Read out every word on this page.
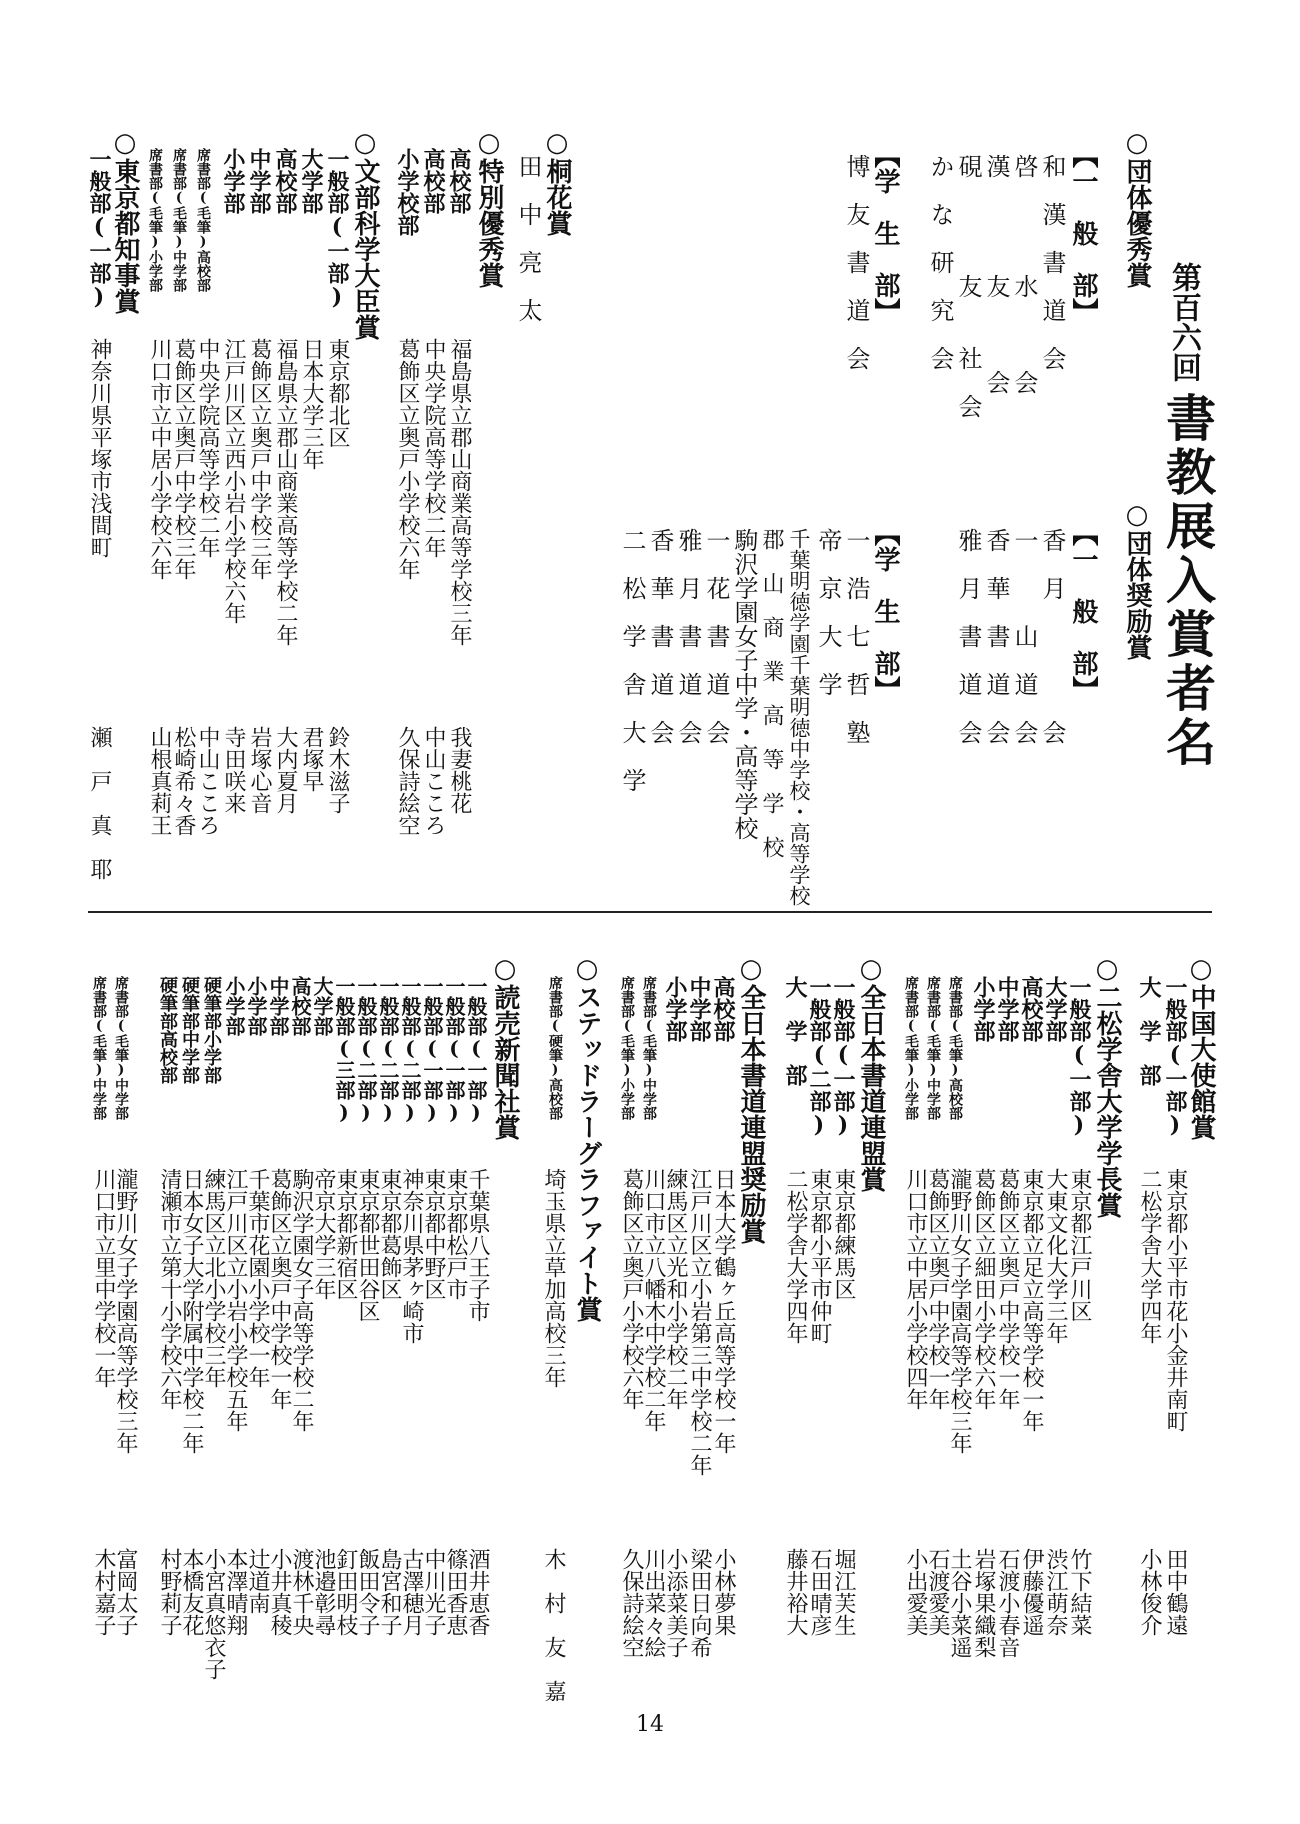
第百六回
書教展入賞者名
○団体優秀賞
【一　般　部】
和　漢　書　道　会
啓　　　　水　　　会
漢　　　　友　　　会
硯　　　　友　　社　会
か　な　研　究　会
【学　生　部】
博　友　書　道　会
○団体奨励賞
【一　般　部】
香　月　　　　　会
一　　　山　道　会
香　華　書　道　会
雅　月　書　道　会
【学　生　部】
一　浩　七　哲　塾
帝　京　大　学
千葉明徳学園千葉明徳中学校・高等学校
郡　山　商　業　高　等　学　校
駒沢学園女子中学・高等学校
一　花　書　道　会
雅　月　書　道　会
香　華　書　道　会
二　松　学　舎　大　学
○桐花賞
田　中　亮　太
○特別優秀賞
高校部
福島県立郡山商業高等学校三年
我妻桃花
高校部
中央学院高等学校二年
中山こころ
小学校部
葛飾区立奥戸小学校六年
久保詩絵空
○文部科学大臣賞
一般部(一部)
東京都北区
鈴木滋子
大学部
日本大学三年
君塚早
高校部
福島県立郡山商業高等学校二年
大内夏月
中学部
葛飾区立奥戸中学校三年
岩塚心音
小学部
江戸川区立西小岩小学校六年
寺田咲来
席書部(毛筆)高校部
中央学院高等学校二年
中山こころ
席書部(毛筆)中学部
葛飾区立奥戸中学校三年
松崎希々香
席書部(毛筆)小学部
川口市立中居小学校六年
山根真莉王
○東京都知事賞
一般部(一部)
神奈川県平塚市浅間町
瀬　戸　真　耶
○中国大使館賞
一般部(一部)
東京都小平市花小金井南町
田中鶴遠
大　学　部
二松学舎大学四年
小林俊介
○二松学舎大学学長賞
一般部(一部)
東京都江戸川区
竹下結菜
大学部
大東文化大学三年
渋江萌奈
高校部
東京都立足立高等学校一年
伊藤優遥
中学部
葛飾区立奥戸中学校一年
石渡小春音
小学部
葛飾区立細田小学校六年
岩塚果織梨
席書部(毛筆)高校部
瀧野川女子学園高等学校三年
土谷小菜遥
席書部(毛筆)中学部
葛飾区立奥戸中学校一年
石渡愛美
席書部(毛筆)小学部
川口市立中居小学校四年
小出愛美
○全日本書道連盟賞
一般部(一部)
東京都練馬区
堀江芙生
一般部(二部)
東京都小平市仲町
石田晴彦
大　学　部
二松学舎大学四年
藤井裕大
○全日本書道連盟奨励賞
高校部
日本大学鶴ヶ丘高等学校一年
小林夢果
中学部
江戸川区立小岩第三中学校二年
梁田日向希
小学部
練馬区立光和小学校二年
小添菜美子
席書部(毛筆)中学部
川口市立八幡木中学校二年
川出菜々絵
席書部(毛筆)小学部
葛飾区立奥戸小学校六年
久保詩絵空
○ステッドラーグラファイト賞
席書部(硬筆)高校部
埼玉県立草加高校三年
木　村　友　嘉
○読売新聞社賞
一般部(一部)
千葉県八王子市
酒井恵香
一般部(一部)
東京都松戸市
篠田香恵
一般部(一部)
東京都中野区
中川光子
一般部(二部)
神奈川県茅ヶ崎市
古澤穂月
一般部(二部)
東京都葛飾区
島宮和子
一般部(二部)
東京都世田谷区
飯田令子
一般部(三部)
東京都新宿区
釘田明枝
大学部
帝京大学三年
池邉彰尋
高校部
駒沢学園女子高等学校二年
渡林千央
中学部
葛飾区立奥戸中学校一年
小井真稜
小学部
千葉市花園小学校一年
辻道南
小学部
江戸川区立小岩小学校五年
本澤晴翔
硬筆部小学部
練馬区立北小学校三年
小宮真悠衣子
硬筆部中学部
日本女子大学附属中学校二年
本橋友花
硬筆部高校部
清瀬市立第十小学校六年
村野莉子
席書部(毛筆)中学部
瀧野川女子学園高等学校三年
富岡太子
席書部(毛筆)中学部
川口市立里中学校一年
木村嘉子
14
